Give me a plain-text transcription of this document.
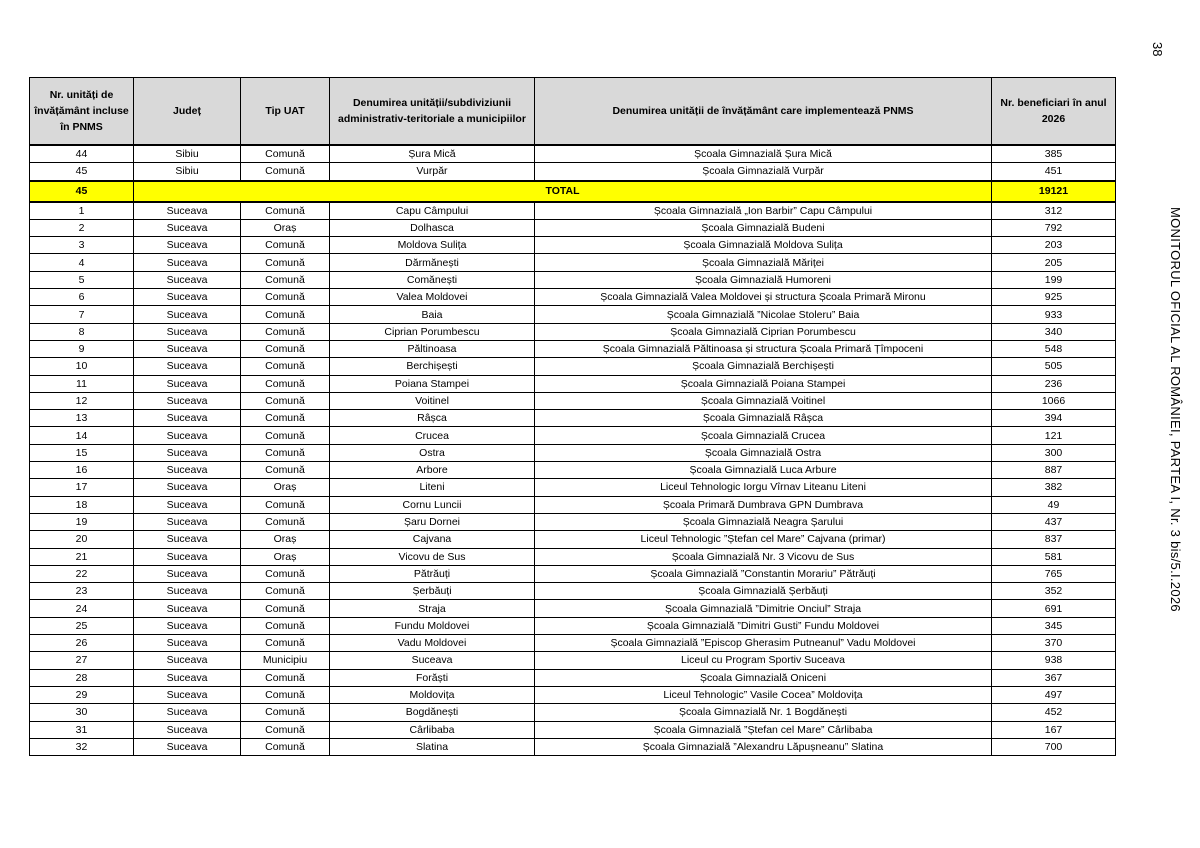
38
MONITORUL OFICIAL AL ROMÂNIEI, PARTEA I, Nr. 3 bis/5.I.2026
Nr. unități de învățământ incluse în PNMS	Județ	Tip UAT	Denumirea unității/subdiviziunii administrativ-teritoriale a municipiilor	Denumirea unității de învățământ care implementează PNMS	Nr. beneficiari în anul 2026
44	Sibiu	Comună	Șura Mică	Școala Gimnazială Șura Mică	385
45	Sibiu	Comună	Vurpăr	Școala Gimnazială Vurpăr	451
45	TOTAL				19121
1	Suceava	Comună	Capu Câmpului	Școala Gimnazială „Ion Barbir” Capu Câmpului	312
2	Suceava	Oraș	Dolhasca	Școala Gimnazială Budeni	792
3	Suceava	Comună	Moldova Sulița	Școala Gimnazială Moldova Sulița	203
4	Suceava	Comună	Dărmănești	Școala Gimnazială Măriței	205
5	Suceava	Comună	Comănești	Școala Gimnazială Humoreni	199
6	Suceava	Comună	Valea Moldovei	Școala Gimnazială Valea Moldovei și structura Școala Primară Mironu	925
7	Suceava	Comună	Baia	Școala Gimnazială ”Nicolae Stoleru” Baia	933
8	Suceava	Comună	Ciprian Porumbescu	Școala Gimnazială Ciprian Porumbescu	340
9	Suceava	Comună	Păltinoasa	Școala Gimnazială Păltinoasa și structura Școala Primară Țîmpoceni	548
10	Suceava	Comună	Berchișești	Școala Gimnazială Berchișești	505
11	Suceava	Comună	Poiana Stampei	Școala Gimnazială Poiana Stampei	236
12	Suceava	Comună	Voitinel	Școala Gimnazială Voitinel	1066
13	Suceava	Comună	Râșca	Școala Gimnazială Râșca	394
14	Suceava	Comună	Crucea	Școala Gimnazială Crucea	121
15	Suceava	Comună	Ostra	Școala Gimnazială Ostra	300
16	Suceava	Comună	Arbore	Școala Gimnazială Luca Arbure	887
17	Suceava	Oraș	Liteni	Liceul Tehnologic Iorgu Vîrnav Liteanu Liteni	382
18	Suceava	Comună	Cornu Luncii	Școala Primară Dumbrava GPN Dumbrava	49
19	Suceava	Comună	Șaru Dornei	Școala Gimnazială Neagra Șarului	437
20	Suceava	Oraș	Cajvana	Liceul Tehnologic ”Ștefan cel Mare” Cajvana (primar)	837
21	Suceava	Oraș	Vicovu de Sus	Școala Gimnazială Nr. 3 Vicovu de Sus	581
22	Suceava	Comună	Pătrăuți	Școala Gimnazială ”Constantin Morariu” Pătrăuți	765
23	Suceava	Comună	Șerbăuți	Școala Gimnazială Șerbăuți	352
24	Suceava	Comună	Straja	Școala Gimnazială ”Dimitrie Onciul” Straja	691
25	Suceava	Comună	Fundu Moldovei	Școala Gimnazială ”Dimitri Gusti” Fundu Moldovei	345
26	Suceava	Comună	Vadu Moldovei	Școala Gimnazială ”Episcop Gherasim Putneanul” Vadu Moldovei	370
27	Suceava	Municipiu	Suceava	Liceul cu Program Sportiv Suceava	938
28	Suceava	Comună	Forăști	Școala Gimnazială Oniceni	367
29	Suceava	Comună	Moldovița	Liceul Tehnologic” Vasile Cocea” Moldovița	497
30	Suceava	Comună	Bogdănești	Școala Gimnazială Nr. 1 Bogdănești	452
31	Suceava	Comună	Cârlibaba	Școala Gimnazială ”Ștefan cel Mare” Cârlibaba	167
32	Suceava	Comună	Slatina	Școala Gimnazială ”Alexandru Lăpușneanu” Slatina	700
